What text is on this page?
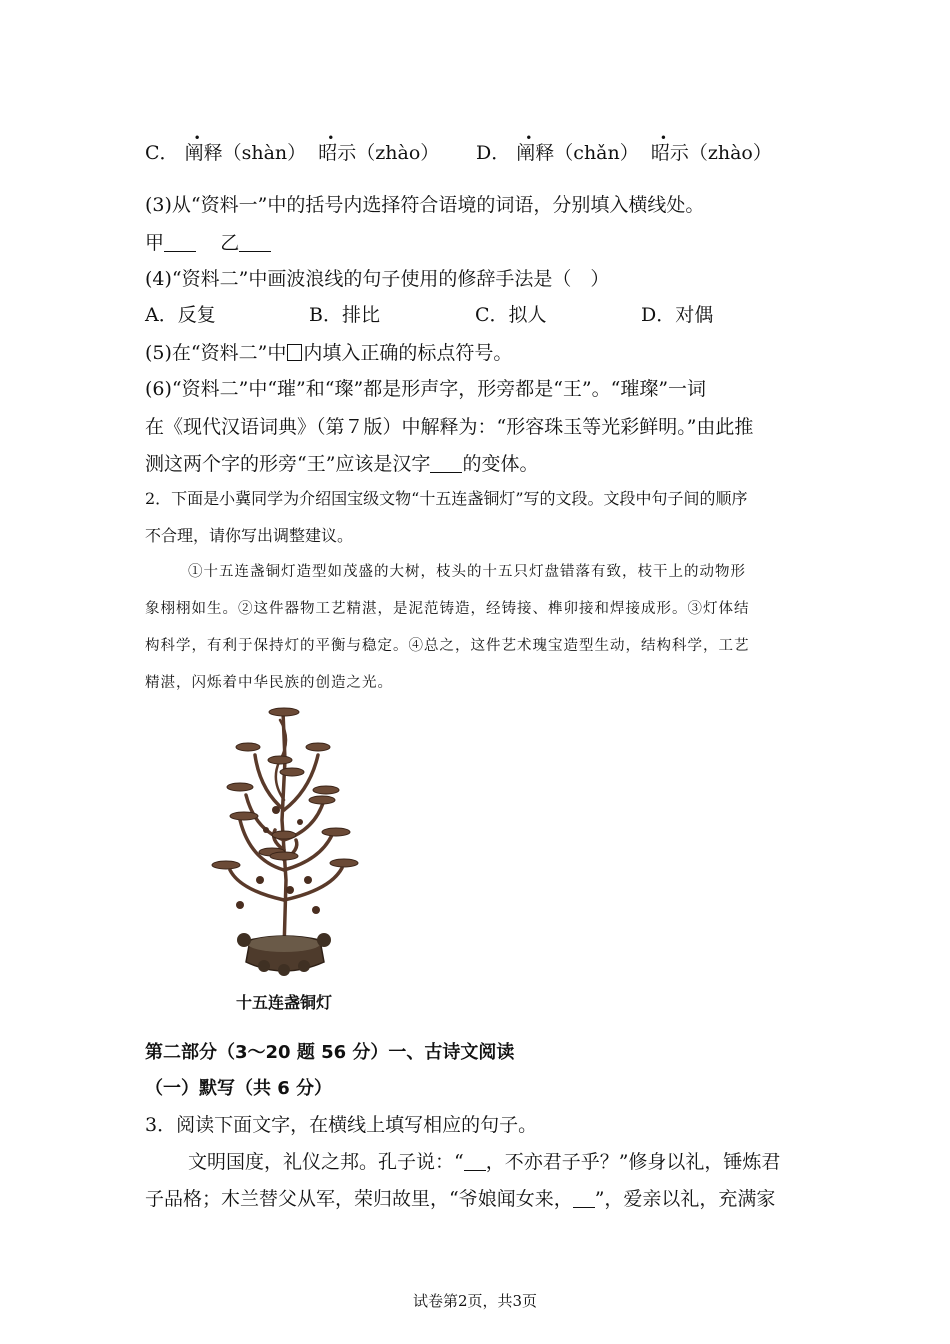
C．
•
阐释（shàn）
•
昭示（zhào） D．
•
阐释（chǎn）
•
昭示（zhào）
(3)从“资料一”中的括号内选择符合语境的词语，分别填入横线处。
甲	乙
(4)“资料二”中画波浪线的句子使用的修辞手法是（　）
A．反复	B．排比	C．拟人	D．对偶
(5)在“资料二”中 内填入正确的标点符号。
(6)“资料二”中“璀”和“璨”都是形声字，形旁都是“王”。“璀璨”一词
在《现代汉语词典》（第７版）中解释为：“形容珠玉等光彩鲜明。”由此推
测这两个字的形旁“王”应该是汉字 的变体。
2．下面是小冀同学为介绍国宝级文物“十五连盏铜灯”写的文段。文段中句子间的顺序
不合理，请你写出调整建议。
①十五连盏铜灯造型如茂盛的大树，枝头的十五只灯盘错落有致，枝干上的动物形
象栩栩如生。②这件器物工艺精湛，是泥范铸造，经铸接、榫卯接和焊接成形。③灯体结
构科学，有利于保持灯的平衡与稳定。④总之，这件艺术瑰宝造型生动，结构科学，工艺
精湛，闪烁着中华民族的创造之光。
十五连盏铜灯
第二部分（3～20 题 56 分）一、古诗文阅读
（一）默写（共 6 分）
3．阅读下面文字，在横线上填写相应的句子。
文明国度，礼仪之邦。孔子说：“ ，不亦君子乎？”修身以礼，锤炼君
子品格；木兰替父从军，荣归故里，“爷娘闻女来， ”，爱亲以礼，充满家
试卷第2页，共3页
